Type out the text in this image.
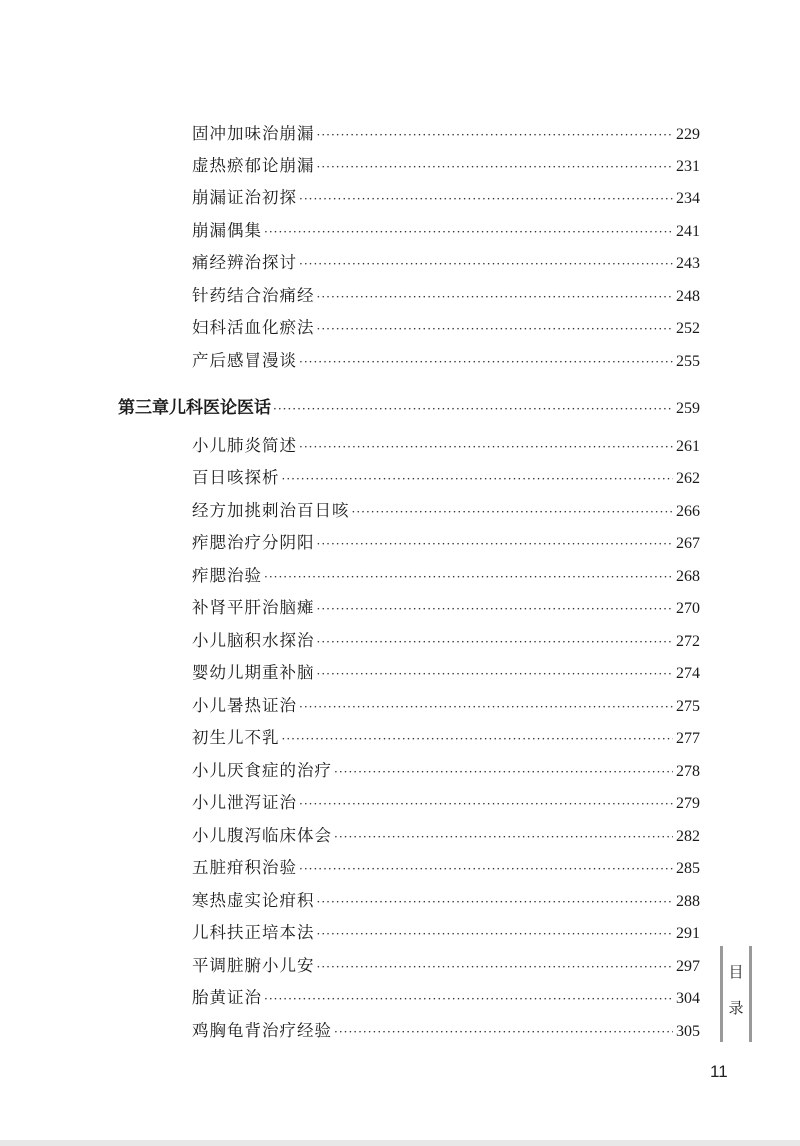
固冲加味治崩漏 ·····	229
虚热瘀郁论崩漏 ·····	231
崩漏证治初探 ·····	234
崩漏偶集 ·····	241
痛经辨治探讨 ·····	243
针药结合治痛经 ·····	248
妇科活血化瘀法 ·····	252
产后感冒漫谈 ·····	255
第三章 儿科医论医话 ·····	259
小儿肺炎简述 ·····	261
百日咳探析 ·····	262
经方加挑刺治百日咳 ·····	266
痄腮治疗分阴阳 ·····	267
痄腮治验 ·····	268
补肾平肝治脑瘫 ·····	270
小儿脑积水探治 ·····	272
婴幼儿期重补脑 ·····	274
小儿暑热证治 ·····	275
初生儿不乳 ·····	277
小儿厌食症的治疗 ·····	278
小儿泄泻证治 ·····	279
小儿腹泻临床体会 ·····	282
五脏疳积治验 ·····	285
寒热虚实论疳积 ·····	288
儿科扶正培本法 ·····	291
平调脏腑小儿安 ·····	297
胎黄证治 ·····	304
鸡胸龟背治疗经验 ·····	305
目
录
11
